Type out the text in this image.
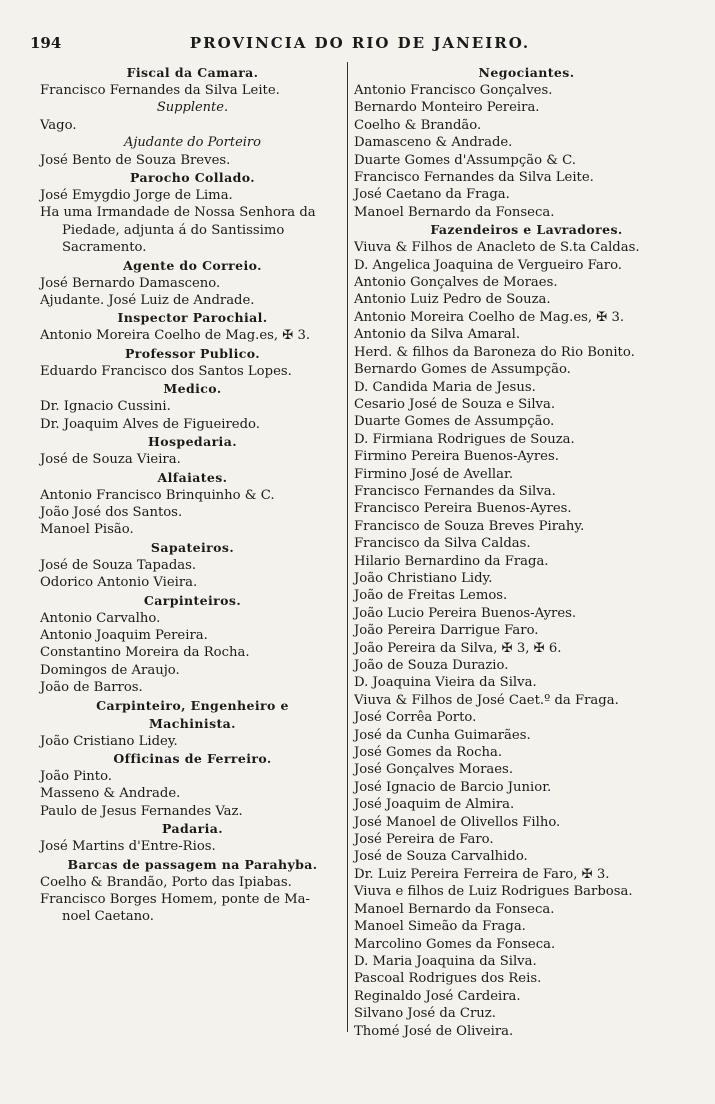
194	PROVINCIA DO RIO DE JANEIRO.
Fiscal da Camara.
Francisco Fernandes da Silva Leite.
Supplente.
Vago.
Ajudante do Porteiro
José Bento de Souza Breves.
Parocho Collado.
José Emygdio Jorge de Lima.
Ha uma Irmandade de Nossa Senhora da
Piedade, adjunta á do Santissimo
Sacramento.
Agente do Correio.
José Bernardo Damasceno.
Ajudante. José Luiz de Andrade.
Inspector Parochial.
Antonio Moreira Coelho de Mag.es, ✠ 3.
Professor Publico.
Eduardo Francisco dos Santos Lopes.
Medico.
Dr. Ignacio Cussini.
Dr. Joaquim Alves de Figueiredo.
Hospedaria.
José de Souza Vieira.
Alfaiates.
Antonio Francisco Brinquinho & C.
João José dos Santos.
Manoel Pisão.
Sapateiros.
José de Souza Tapadas.
Odorico Antonio Vieira.
Carpinteiros.
Antonio Carvalho.
Antonio Joaquim Pereira.
Constantino Moreira da Rocha.
Domingos de Araujo.
João de Barros.
Carpinteiro, Engenheiro e
Machinista.
João Cristiano Lidey.
Officinas de Ferreiro.
João Pinto.
Masseno & Andrade.
Paulo de Jesus Fernandes Vaz.
Padaria.
José Martins d'Entre-Rios.
Barcas de passagem na Parahyba.
Coelho & Brandão, Porto das Ipiabas.
Francisco Borges Homem, ponte de Ma-
noel Caetano.
Negociantes.
Antonio Francisco Gonçalves.
Bernardo Monteiro Pereira.
Coelho & Brandão.
Damasceno & Andrade.
Duarte Gomes d'Assumpção & C.
Francisco Fernandes da Silva Leite.
José Caetano da Fraga.
Manoel Bernardo da Fonseca.
Fazendeiros e Lavradores.
Viuva & Filhos de Anacleto de S.ta Caldas.
D. Angelica Joaquina de Vergueiro Faro.
Antonio Gonçalves de Moraes.
Antonio Luiz Pedro de Souza.
Antonio Moreira Coelho de Mag.es, ✠ 3.
Antonio da Silva Amaral.
Herd. & filhos da Baroneza do Rio Bonito.
Bernardo Gomes de Assumpção.
D. Candida Maria de Jesus.
Cesario José de Souza e Silva.
Duarte Gomes de Assumpção.
D. Firmiana Rodrigues de Souza.
Firmino Pereira Buenos-Ayres.
Firmino José de Avellar.
Francisco Fernandes da Silva.
Francisco Pereira Buenos-Ayres.
Francisco de Souza Breves Pirahy.
Francisco da Silva Caldas.
Hilario Bernardino da Fraga.
João Christiano Lidy.
João de Freitas Lemos.
João Lucio Pereira Buenos-Ayres.
João Pereira Darrigue Faro.
João Pereira da Silva, ✠ 3, ✠ 6.
João de Souza Durazio.
D. Joaquina Vieira da Silva.
Viuva & Filhos de José Caet.º da Fraga.
José Corrêa Porto.
José da Cunha Guimarães.
José Gomes da Rocha.
José Gonçalves Moraes.
José Ignacio de Barcio Junior.
José Joaquim de Almira.
José Manoel de Olivellos Filho.
José Pereira de Faro.
José de Souza Carvalhido.
Dr. Luiz Pereira Ferreira de Faro, ✠ 3.
Viuva e filhos de Luiz Rodrigues Barbosa.
Manoel Bernardo da Fonseca.
Manoel Simeão da Fraga.
Marcolino Gomes da Fonseca.
D. Maria Joaquina da Silva.
Pascoal Rodrigues dos Reis.
Reginaldo José Cardeira.
Silvano José da Cruz.
Thomé José de Oliveira.
